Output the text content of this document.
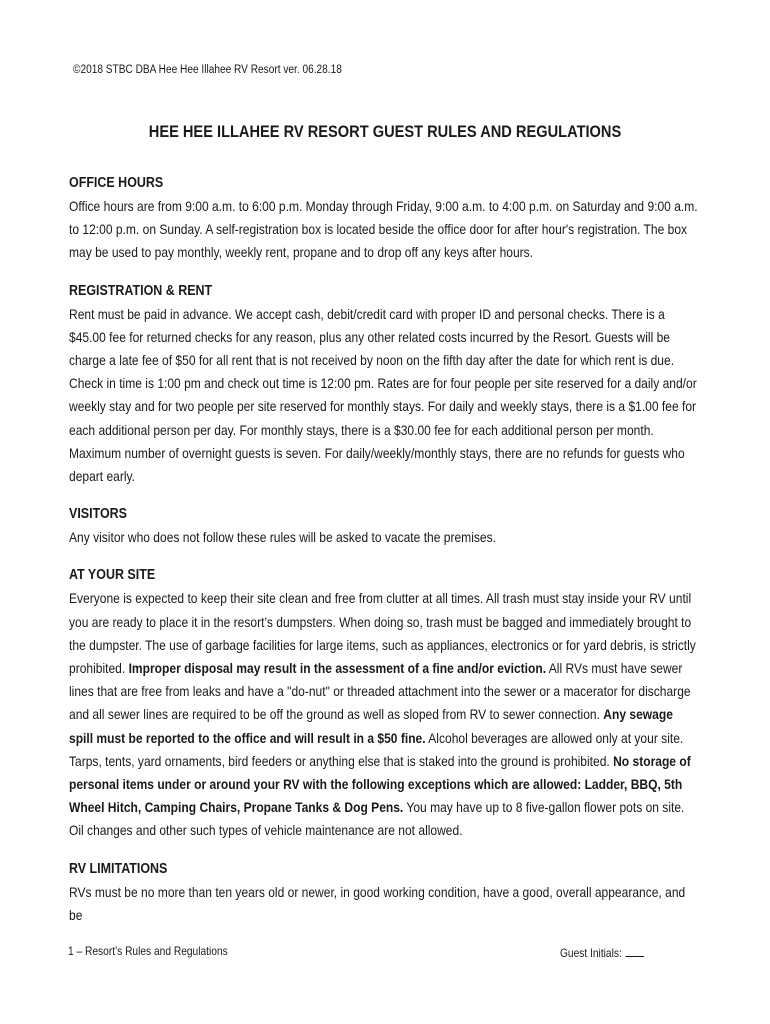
©2018 STBC DBA Hee Hee Illahee RV Resort ver. 06.28.18
HEE HEE ILLAHEE RV RESORT GUEST RULES AND REGULATIONS
OFFICE HOURS
Office hours are from 9:00 a.m. to 6:00 p.m. Monday through Friday, 9:00 a.m. to 4:00 p.m. on Saturday and 9:00 a.m. to 12:00 p.m. on Sunday. A self-registration box is located beside the office door for after hour's registration. The box may be used to pay monthly, weekly rent, propane and to drop off any keys after hours.
REGISTRATION & RENT
Rent must be paid in advance. We accept cash, debit/credit card with proper ID and personal checks. There is a $45.00 fee for returned checks for any reason, plus any other related costs incurred by the Resort. Guests will be charge a late fee of $50 for all rent that is not received by noon on the fifth day after the date for which rent is due. Check in time is 1:00 pm and check out time is 12:00 pm. Rates are for four people per site reserved for a daily and/or weekly stay and for two people per site reserved for monthly stays. For daily and weekly stays, there is a $1.00 fee for each additional person per day. For monthly stays, there is a $30.00 fee for each additional person per month. Maximum number of overnight guests is seven. For daily/weekly/monthly stays, there are no refunds for guests who depart early.
VISITORS
Any visitor who does not follow these rules will be asked to vacate the premises.
AT YOUR SITE
Everyone is expected to keep their site clean and free from clutter at all times. All trash must stay inside your RV until you are ready to place it in the resort’s dumpsters. When doing so, trash must be bagged and immediately brought to the dumpster. The use of garbage facilities for large items, such as appliances, electronics or for yard debris, is strictly prohibited. Improper disposal may result in the assessment of a fine and/or eviction. All RVs must have sewer lines that are free from leaks and have a "do-nut" or threaded attachment into the sewer or a macerator for discharge and all sewer lines are required to be off the ground as well as sloped from RV to sewer connection. Any sewage spill must be reported to the office and will result in a $50 fine. Alcohol beverages are allowed only at your site. Tarps, tents, yard ornaments, bird feeders or anything else that is staked into the ground is prohibited. No storage of personal items under or around your RV with the following exceptions which are allowed: Ladder, BBQ, 5th Wheel Hitch, Camping Chairs, Propane Tanks & Dog Pens. You may have up to 8 five-gallon flower pots on site. Oil changes and other such types of vehicle maintenance are not allowed.
RV LIMITATIONS
RVs must be no more than ten years old or newer, in good working condition, have a good, overall appearance, and be
1 – Resort’s Rules and Regulations	Guest Initials:
